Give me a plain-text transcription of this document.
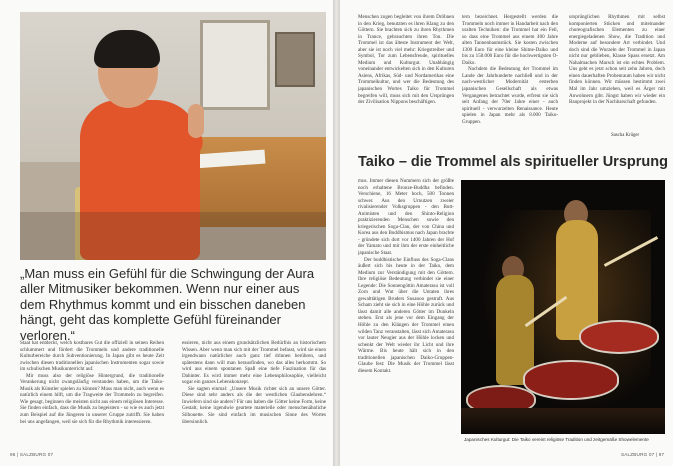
„Man muss ein Gefühl für die Schwingung der Aura aller Mitmusiker bekommen. Wenn nur einer aus dem Rhythmus kommt und ein bisschen daneben hängt, geht das komplette Gefühl füreinander verloren.“

Staat hat entdeckt, welch kostbares Gut die offiziell in seinen Reihen schlummert und fördert die Trommeln und andere traditionelle Kulturbereiche durch Subventionierung. In Japan gibt es heute Zeit zwischen diesen traditionellen japanischen Instrumenten sogar sowie im schulischen Musikunterricht auf.

Mir muss also der religiöse Hintergrund, die traditionelle Verankerung nicht zwangsläufig verstanden haben, um die Taiko-Musik als Künstler spielen zu können? Muss man nicht, auch wenn es natürlich einem hilft, um die Tragweite der Trommeln zu begreifen. Wie gesagt, beginnen die meisten nicht aus einem religiösen Interesse. Sie finden einfach, dass die Musik zu begeistern - so wie es auch jetzt zum Beispiel auf die Jüngeren in unserer Gruppe zutrifft. Sie haben bei uns angefangen, weil sie sich für die Rhythmik interessieren.

essieren, nicht aus einem grundsätzlichen Bedürfnis an historischem Wissen. Aber wenn man sich mit der Trommel befasst, wird sie einen irgendwann natürlicher auch ganz tief drinnen berühren, und spätestens dann will man herausfinden, wo das alles herkommt. So wird aus einem spontanen Spaß eine tiefe Faszination für das Dahinter. Es wird immer mehr eine Lebensphilosophie, vielleicht sogar ein ganzes Lebenskonzept.

Sie sagten einmal: „Unsere Musik richtet sich an unsere Götter. Diese sind sehr anders als die der westlichen Glaubenslehren.“ Inwiefern sind sie anders? Für uns haben die Götter keine Form, keine Gestalt, keine irgendwie geartete materielle oder menschenähnliche Silhouette. Sie sind einfach im musischen Sinne des Wortes übersinnlich.

96 | SALZBURG 07

Menschen zogen begleitet von ihrem Dröhnen in den Krieg, benutzten es ihren Klang zu den Göttern. Sie brachten sich zu ihren Rhythmen in Trance, gebrauchten ihren Ton. Die Trommel ist das älteste Instrument der Welt, aber sie ist noch viel mehr: Kriegstreiber und Symbol, Tor zum Lebensfreude, spirituelles Medium und Kulturgut. Unabhängig voneinander entwickelten sich in den Kulturen Asiens, Afrikas, Süd- und Nordamerikas eine Trommelkultur, und wer die Bedeutung des japanischen Wortes Taiko für Trommel begreifen will, muss sich mit den Ursprüngen der Zivilisation Nippons beschäftigen.

tern bezeichnet. Hergestellt werden die Trommeln noch immer in Handarbeit nach den uralten Techniken: die Trommel hat ein Fell, so dass eine Trommel aus einem 400 Jahre alten Tannenbaumstück. Sie kosten zwischen 1300 Euro für eine kleine Shime-Daiko und bis zu 150.000 Euro für die hochwertigsten O-Daiko.

Nachdem die Bedeutung der Trommel im Lande der Jahrhunderte nachließ und in der nach-westlicher Modernität ersterben japanischen Gesellschaft als etwas Vergangenes betrachtet wurde, erfreut sie sich seit Anfang der 70er Jahre einer - auch spirituell - verwurzelten Renaissance. Heute spielen in Japan mehr als 8.000 Taiko-Gruppen.

ursprünglichen Rhythmen mit selbst komponierten Stücken und miteinander choreografischen Elementen zu einer energiegeladenen Show, die Tradition und Moderne auf besondere Art verbindet. Und doch sind die Wurzeln der Trommel in Japan nicht nur geblieben, Klasse Spass ersetzt. Am Nahalmachen Marsch ist ein echtes Problem. Uns geht es jetzt schon seit zehn Jahren, doch einen dauerhaften Probenraum haben wir nicht finden können. Wir müssen bestimmt zwei Mal im Jahr umziehen, weil es Ärger mit Anwohnern gibt. Jüngst haben wir wieder ein Bauprojekt in der Nachbarschaft gefunden.

Sascha Krüger
Taiko – die Trommel als spiritueller Ursprung

mus. Immer diesen Nummern sich der größte noch erhaltene Bronze-Buddha befinden. Verschiene, 16 Meter hoch, 500 Tonnen schwer. Aus den Urnutzen zweier rivalisierender Volksgruppen - den Butt-Animisten und den Shinto-Religion praktizierenden Menschen sowie den kriegerischen Soga-Clan, der von China und Korea aus den Buddhismus nach Japan brachte - gründete sich dort vor 1400 Jahren der Hof der Yamato und mit ihm der erste einheitliche japanische Staat.

Der buddhistische Einfluss des Soga-Clans äußert sich bis heute in der Taiko, dem Medium zur Verständigung mit den Göttern. Ihre religiöse Bedeutung verbindet sie einer Legende: Die Sonnengöttin Amaterasu ist voll Zorn und Wut über die Untaten ihres gewalttätigen Bruders Susanoo gestraft. Aus Scham zieht sie sich in eine Höhle zurück und lässt damit alle anderen Götter im Dunkeln stehen. Erst als jene vor dem Eingang der Höhle zu den Klängen der Trommel einen wilden Tanz veranstalten, lässt sich Amaterasu vor lauter Neugier aus der Höhle locken und schenkt der Welt wieder ihr Licht und ihre Wärme. Bis heute hält sich in den traditionellen japanischen Daiko-Gruppen-Glaube fest: Die Musik der Trommel lässt diesem Kontakt.

Japanisches Kulturgut: Die Taiko vereint religiöse Tradition und zeitgemäße Showelemente
SALZBURG 07 | 97
